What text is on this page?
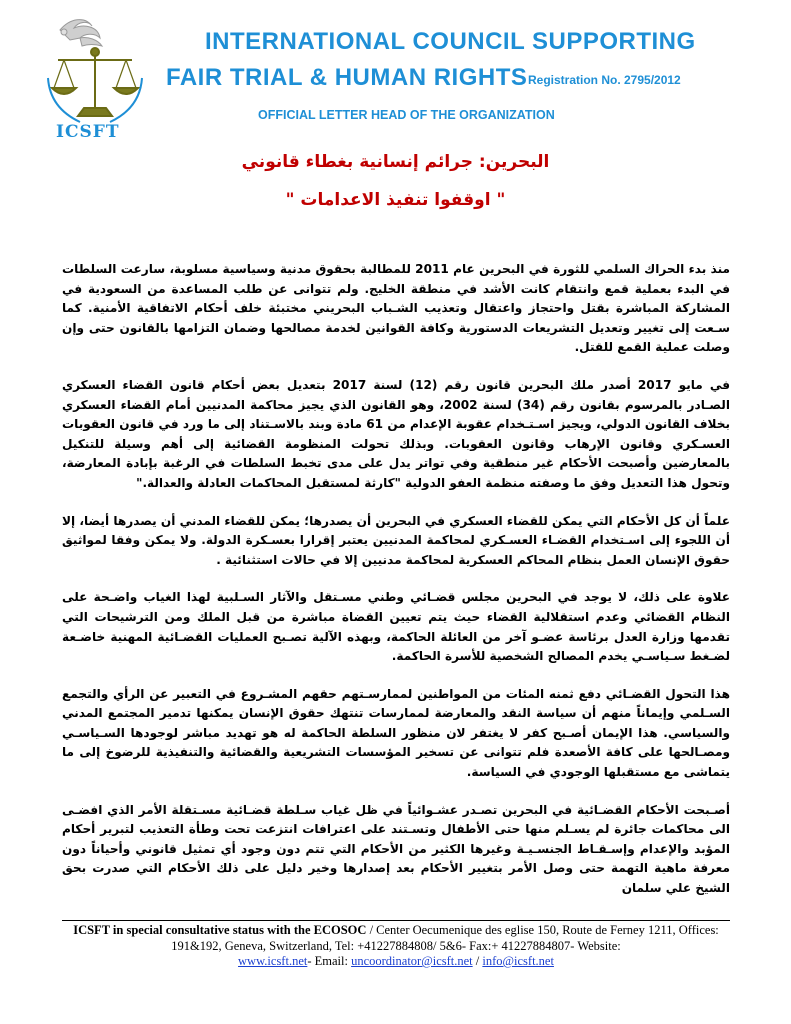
ICSFT
INTERNATIONAL COUNCIL SUPPORTING
FAIR TRIAL & HUMAN RIGHTS Registration No. 2795/2012
OFFICIAL LETTER HEAD OF THE ORGANIZATION
البحرين: جرائم إنسانية بغطاء قانوني
" اوقفوا تنفيذ الاعدامات "

منذ بدء الحراك السلمي للثورة في البحرين عام 2011 للمطالبة بحقوق مدنية وسياسية مسلوبة، سارعت السلطات في البدء بعملية قمع وانتقام كانت الأشد في منطقة الخليج. ولم تتوانى عن طلب المساعدة من السعودية في المشاركة المباشرة بقتل واحتجاز واعتقال وتعذيب الشـباب البحريني مختبئة خلف أحكام الاتفاقية الأمنية. كما سـعت إلى تغيير وتعديل التشريعات الدستورية وكافة القوانين لخدمة مصالحها وضمان التزامها بالقانون حتى وإن وصلت عملية القمع للقتل.

في مايو 2017 أصدر ملك البحرين قانون رقم (12) لسنة 2017 بتعديل بعض أحكام قانون القضاء العسكري الصـادر بالمرسوم بقانون رقم (34) لسنة 2002، وهو القانون الذي يجيز محاكمة المدنيين أمام القضاء العسكري بخلاف القانون الدولي، ويجيز اسـتـخدام عقوبة الإعدام من 61 مادة وبند بالاسـتناد إلى ما ورد في قانون العقوبات العسـكري وقانون الإرهاب وقانون العقوبات. وبذلك تحولت المنظومة القضائية إلى أهم وسيلة للتنكيل بالمعارضين وأصبحت الأحكام غير منطقية وفي تواتر يدل على مدى تخبط السلطات في الرغبة بإبادة المعارضة، وتحول هذا التعديل وفق ما وصفته منظمة العفو الدولية "كارثة لمستقبل المحاكمات العادلة والعدالة."

علماً أن كل الأحكام التي يمكن للقضاء العسكري في البحرين أن يصدرها؛ يمكن للقضاء المدني أن يصدرها أيضا، إلا أن اللجوء إلى اسـتخدام القضـاء العسـكري لمحاكمة المدنيين يعتبر إقرارا بعسـكرة الدولة. ولا يمكن وفقا لمواثيق حقوق الإنسان العمل بنظام المحاكم العسكرية لمحاكمة مدنيين إلا في حالات استثنائية .

علاوة على ذلك، لا يوجد في البحرين مجلس قضـائي وطني مسـتقل والآثار السـلبية لهذا الغياب واضـحة على النظام القضائي وعدم استقلالية القضاء حيث يتم تعيين القضاة مباشرة من قبل الملك ومن الترشيحات التي تقدمها وزارة العدل برئاسة عضـو آخر من العائلة الحاكمة، وبهذه الآلية تصـبح العمليات القضـائية المهنية خاضـعة لضـغط سـياسـي يخدم المصالح الشخصية للأسرة الحاكمة.

هذا التحول القضـائي دفع ثمنه المئات من المواطنين لممارسـتهم حقهم المشـروع في التعبير عن الرأي والتجمع السـلمي وإيماناً منهم أن سياسة النقد والمعارضة لممارسات تنتهك حقوق الإنسان يمكنها تدمير المجتمع المدني والسياسي. هذا الإيمان أصـبح كفر لا يغتفر لان منظور السلطة الحاكمة له هو تهديد مباشر لوجودها السـياسـي ومصـالحها على كافة الأصعدة فلم تتوانى عن تسخير المؤسسات التشريعية والقضائية والتنفيذية للرضوخ إلى ما يتماشى مع مستقبلها الوجودي في السياسة.

أصـبحت الأحكام القضـائية في البحرين تصـدر عشـوائياً في ظل غياب سـلطة قضـائية مسـتقلة الأمر الذي افضـى الى محاكمات جائرة لم يسـلم منها حتى الأطفال وتسـتند على اعترافات انتزعت تحت وطأة التعذيب لتبرير أحكام المؤبد والإعدام وإسـقـاط الجنسـيـة وغيرها الكثير من الأحكام التي تتم دون وجود أي تمثيل قانوني وأحياناً دون معرفة ماهية التهمة حتى وصل الأمر بتغيير الأحكام بعد إصدارها وخير دليل على ذلك الأحكام التي صدرت بحق الشيخ علي سلمان

ICSFT in special consultative status with the ECOSOC / Center Oecumenique des eglise 150, Route de Ferney 1211, Offices: 191&192, Geneva, Switzerland, Tel: +41227884808/ 5&6- Fax:+ 41227884807- Website:
www.icsft.net- Email: uncoordinator@icsft.net / info@icsft.net
